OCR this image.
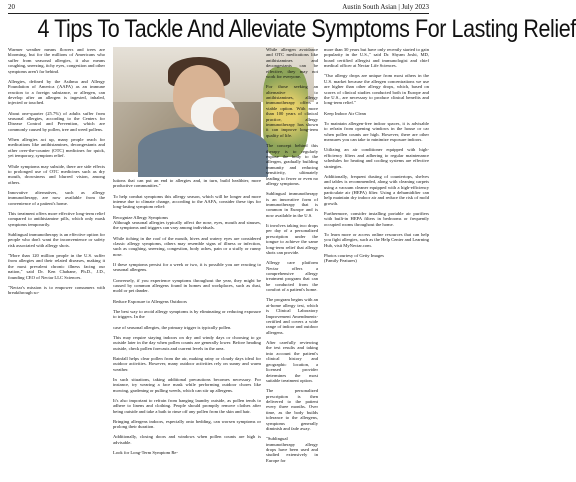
20	Austin South Asian | July 2023
4 Tips To Tackle And Alleviate Symptoms For Lasting Relief

Warmer weather means flowers and trees are blooming, but for the millions of Americans who suffer from seasonal allergies, it also means coughing, sneezing, itchy eyes, congestion and other symptoms aren't far behind.

Allergies, defined by the Asthma and Allergy Foundation of America (AAFA) as an immune reaction to a foreign substance, or allergen, can develop after an allergen is ingested, inhaled, injected or touched.

About one-quarter (25.7%) of adults suffer from seasonal allergies, according to the Centers for Disease Control and Prevention, which are commonly caused by pollen, tree and weed pollens.

When allergies act up, many people reach for medications like antihistamines, decongestants and other over-the-counter (OTC) medicines for quick, yet temporary, symptom relief.

While symptoms may subside, there are side effects to prolonged use of OTC medicines such as dry mouth, drowsiness and blurred vision, among others.

Innovative alternatives, such as allergy immunotherapy, are now available from the convenience of a patient's home.

This treatment offers more effective long-term relief compared to antihistamine pills, which only mask symptoms temporarily.

Sublingual immunotherapy is an effective option for people who don't want the inconvenience or safety risk associated with allergy shots.

"More than 120 million people in the U.S. suffer from allergies and their related diseases, making it the most prevalent chronic illness facing our nation," said Dr. Ken Chabane, Ph.D., J.D., founding CEO of Nectar LLC Sciences.

"Nectar's mission is to empower consumers with breakthrough so-

lutions that can put an end to allergies and, in turn, build healthier, more productive communities."

To help combat symptoms this allergy season, which will be longer and more intense due to climate change, according to the AAFA, consider these tips for long-lasting symptom relief:

Recognize Allergy Symptoms
Although seasonal allergies typically affect the nose, eyes, mouth and sinuses, the symptoms and triggers can vary among individuals.

While itching in the roof of the mouth, hives and watery eyes are considered classic allergy symptoms, others may resemble signs of illness or infection, such as coughing, sneezing, congestion, body aches, pain or a stuffy or runny nose.

If these symptoms persist for a week or two, it is possible you are reacting to seasonal allergens.

Conversely, if you experience symptoms throughout the year, they might be caused by common allergens found in homes and workplaces, such as dust, mold or pet dander.

Reduce Exposure to Allergens Outdoors

The best way to avoid allergy symptoms is by eliminating or reducing exposure to triggers. In the

case of seasonal allergies, the primary trigger is typically pollen.

This may require staying indoors on dry and windy days or choosing to go outside later in the day when pollen counts are generally lower. Before heading outside, check pollen forecasts and current levels in the area.

Rainfall helps clear pollen from the air, making rainy or cloudy days ideal for outdoor activities. However, many outdoor activities rely on sunny and warm weather.

In such situations, taking additional precautions becomes necessary. For instance, try wearing a face mask while performing outdoor chores like mowing, gardening or pulling weeds, which can stir up allergens.

It's also important to refrain from hanging laundry outside, as pollen tends to adhere to linens and clothing. People should promptly remove clothes after being outside and take a bath to rinse off any pollen from the skin and hair.

Bringing allergens indoors, especially onto bedding, can worsen symptoms or prolong their duration.

Additionally, closing doors and windows when pollen counts are high is advisable.

Look for Long-Term Symptom Re-

more than 30 years but have only recently started to gain popularity in the U.S.," said Dr. Shyam Joshi, MD, board certified allergist and immunologist and chief medical officer at Nectar Life Sciences.

"Our allergy drops are unique from most others in the U.S. market because the allergen concentrations we use are higher than other allergy drops, which, based on scores of clinical studies conducted both in Europe and the U.S., are necessary to produce clinical benefits and long-term relief."

Keep Indoor Air Clean

To maintain allergen-free indoor spaces, it is advisable to refrain from opening windows in the house or car when pollen counts are high. However, there are other measures you can take to minimize exposure indoors.

Utilizing an air conditioner equipped with high-efficiency filters and adhering to regular maintenance schedules for heating and cooling systems are effective strategies.

Additionally, frequent dusting of countertops, shelves and tables is recommended, along with cleaning carpets using a vacuum cleaner equipped with a high-efficiency particulate air (HEPA) filter. Using a dehumidifier can help maintain dry indoor air and reduce the risk of mold growth.

Furthermore, consider installing portable air purifiers with built-in HEPA filters in bedrooms or frequently occupied rooms throughout the home.

To learn more or access online resources that can help you fight allergies, such as the Help Center and Learning Hub, visit MyNectar.com.

Photos courtesy of Getty Images
(Family Features)

While allergen avoidance and OTC medications like antihistamines and decongestants can be effective, they may not work for everyone.

For those seeking an alternative to antihistamines, allergy immunotherapy offers a viable option. With more than 100 years of clinical practice, allergy immunotherapy has shown it can improve long-term quality of life.

The concept behind this therapy is to regularly expose the body to the allergen, gradually building immunity and reducing sensitivity, ultimately leading to fewer or even no allergy symptoms.

Sublingual immunotherapy is an innovative form of immunotherapy that is common in Europe and is now available in the U.S.

It involves taking two drops per day of a personalized prescription under the tongue to achieve the same long-term relief that allergy shots can provide.

Allergy care platform Nectar offers a comprehensive allergy treatment program that can be conducted from the comfort of a patient's home.

The program begins with an at-home allergy test, which is Clinical Laboratory Improvement Amendments-certified and covers a wide range of indoor and outdoor allergens.

After carefully reviewing the test results and taking into account the patient's clinical history and geographic location, a licensed provider determines the most suitable treatment option.

The personalized prescription is then delivered to the patient every three months. Over time, as the body builds tolerance to the allergens, symptoms generally diminish and fade away.

"Sublingual immunotherapy allergy drops have been used and studied extensively in Europe for
